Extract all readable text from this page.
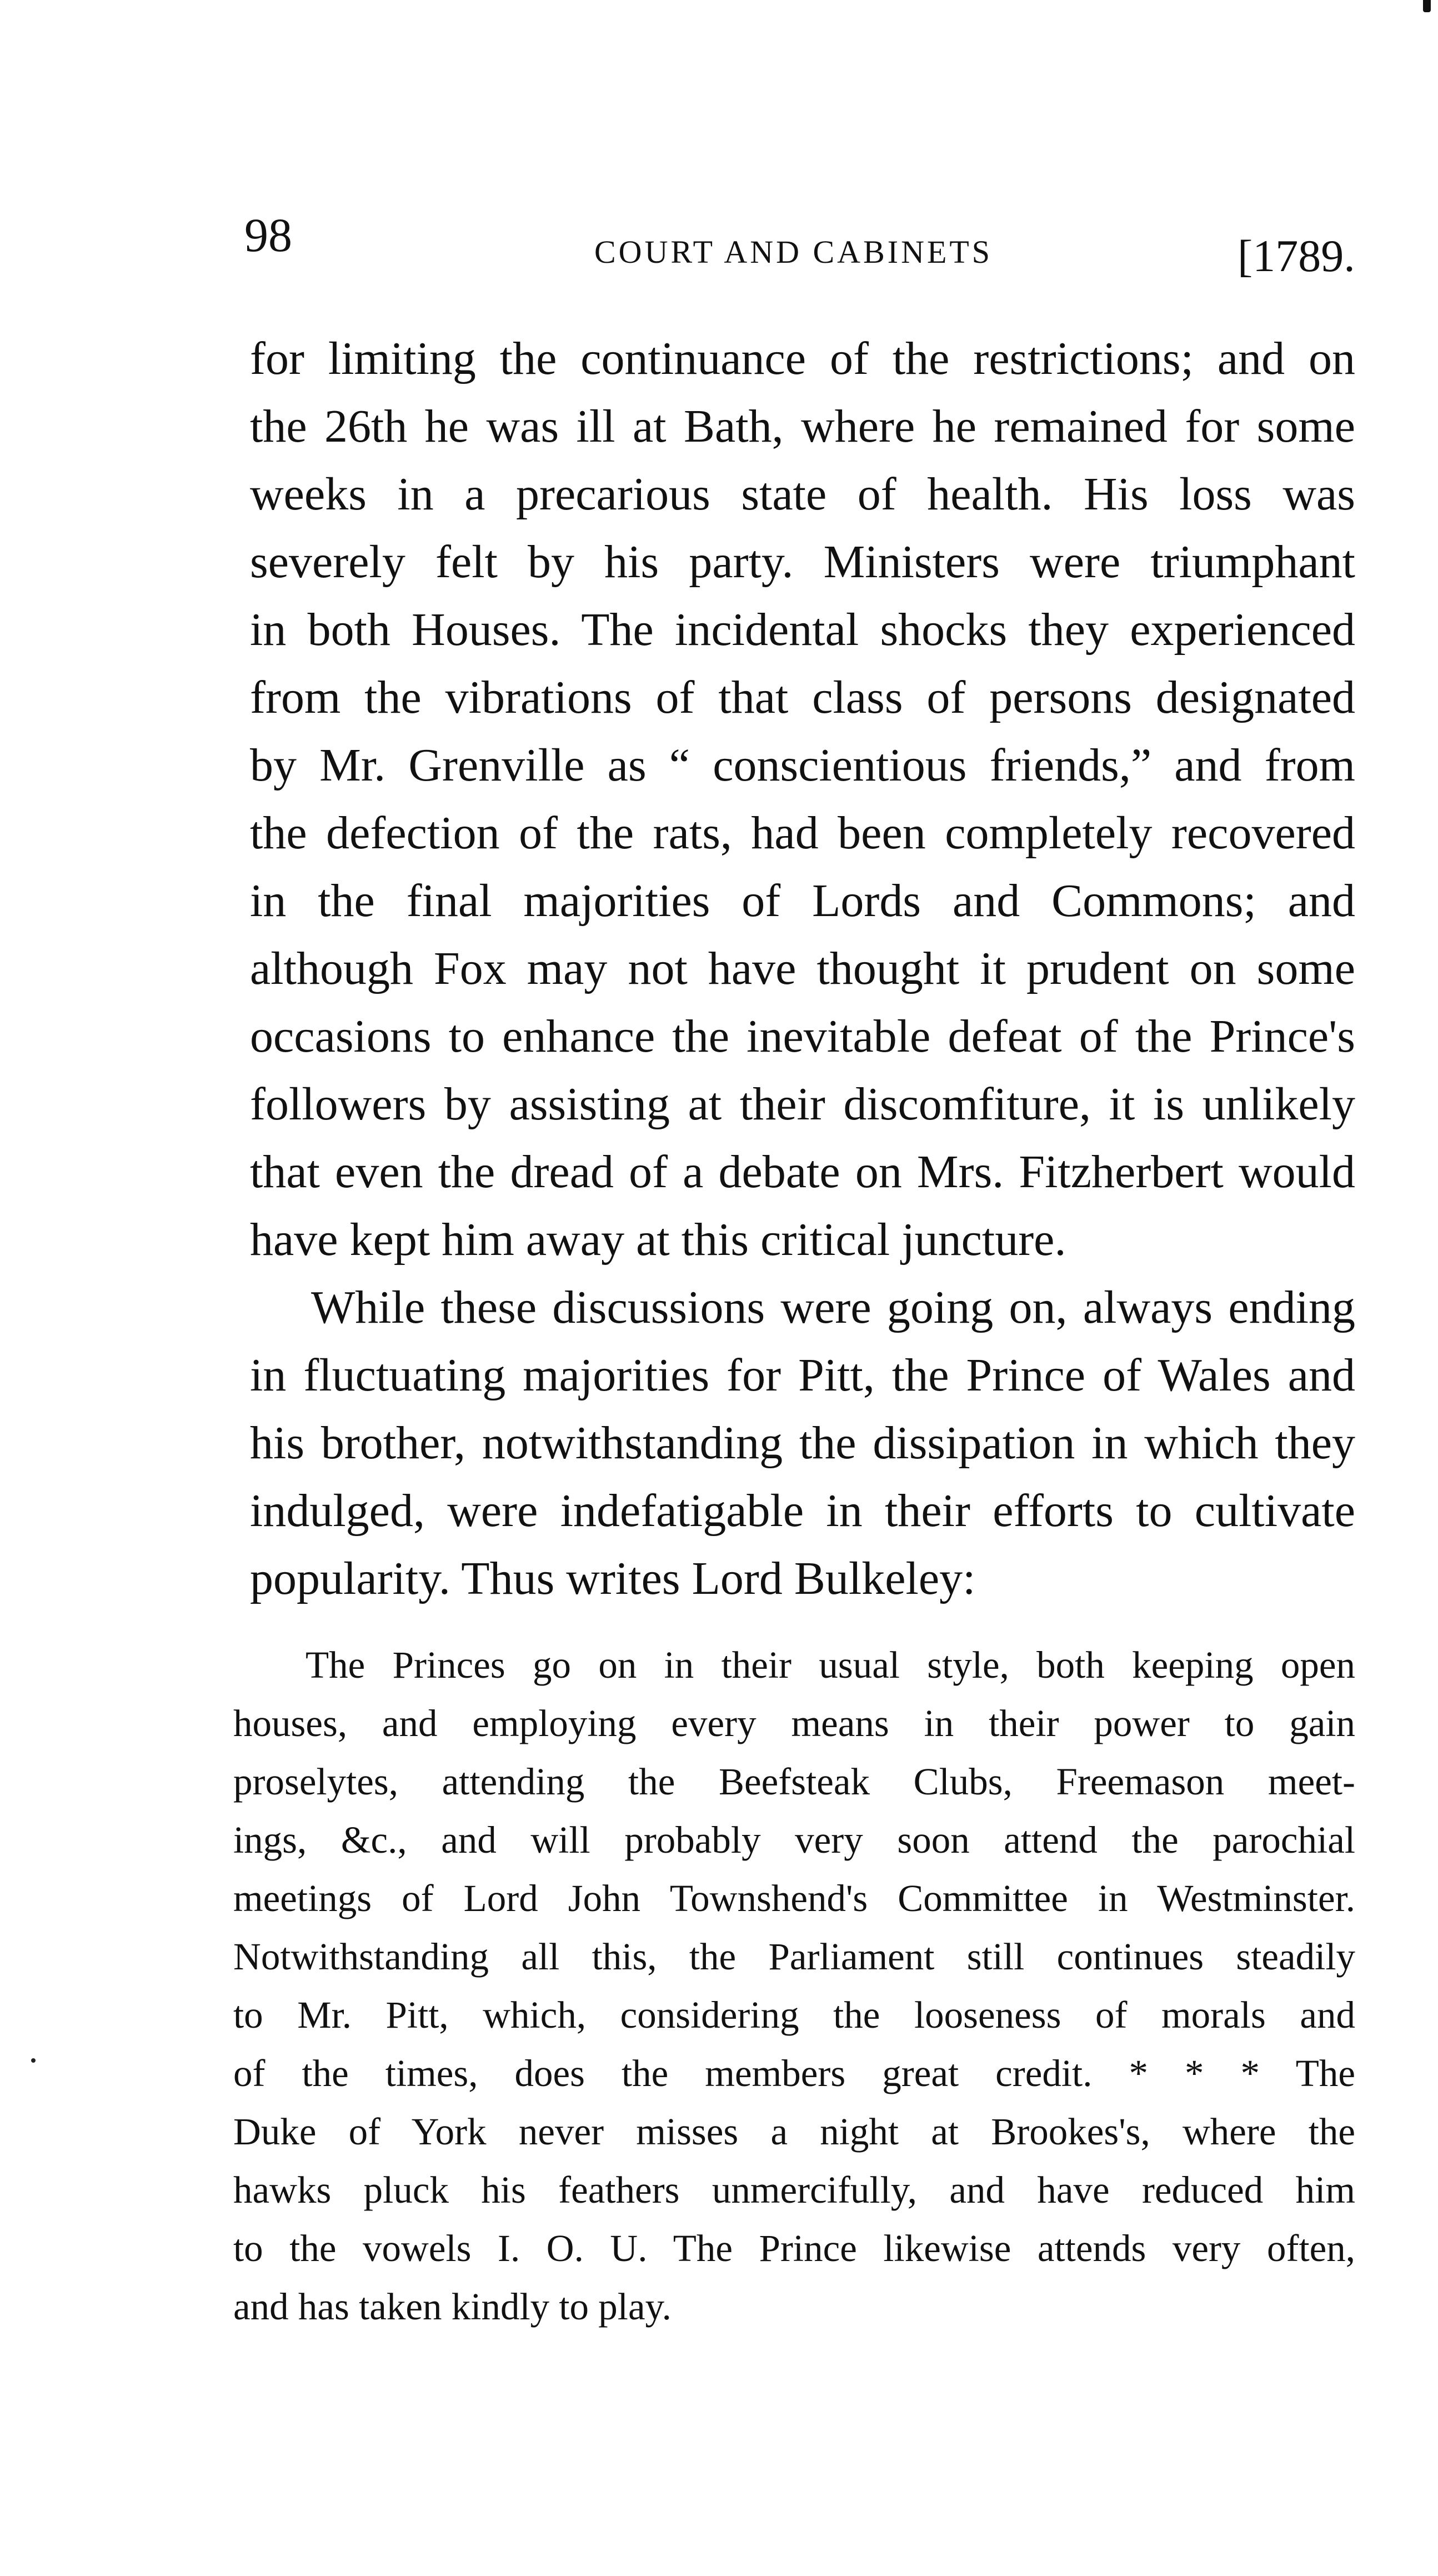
98	COURT AND CABINETS	[1789.
for limiting the continuance of the restrictions; and on
the 26th he was ill at Bath, where he remained for some
weeks in a precarious state of health. His loss was
severely felt by his party. Ministers were triumphant
in both Houses. The incidental shocks they experienced
from the vibrations of that class of persons designated
by Mr. Grenville as “ conscientious friends,” and from
the defection of the rats, had been completely recovered
in the final majorities of Lords and Commons; and
although Fox may not have thought it prudent on some
occasions to enhance the inevitable defeat of the Prince's
followers by assisting at their discomfiture, it is unlikely
that even the dread of a debate on Mrs. Fitzherbert would
have kept him away at this critical juncture.
While these discussions were going on, always ending
in fluctuating majorities for Pitt, the Prince of Wales and
his brother, notwithstanding the dissipation in which they
indulged, were indefatigable in their efforts to cultivate
popularity. Thus writes Lord Bulkeley:
The Princes go on in their usual style, both keeping open
houses, and employing every means in their power to gain
proselytes, attending the Beefsteak Clubs, Freemason meet-
ings, &c., and will probably very soon attend the parochial
meetings of Lord John Townshend's Committee in Westminster.
Notwithstanding all this, the Parliament still continues steadily
to Mr. Pitt, which, considering the looseness of morals and
of the times, does the members great credit. * * * The
Duke of York never misses a night at Brookes's, where the
hawks pluck his feathers unmercifully, and have reduced him
to the vowels I. O. U. The Prince likewise attends very often,
and has taken kindly to play.
